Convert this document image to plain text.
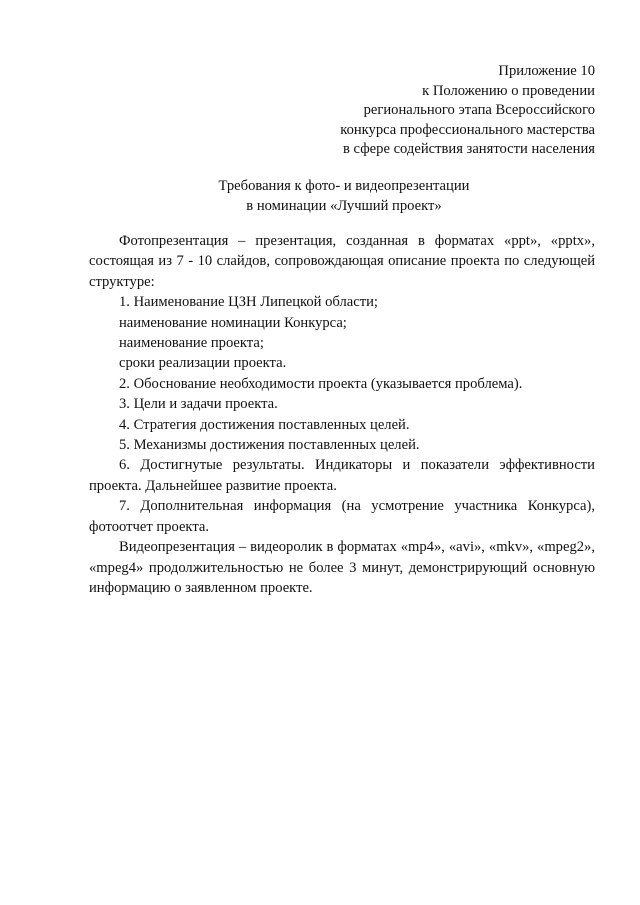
Приложение 10
к Положению о проведении
регионального этапа Всероссийского
конкурса профессионального мастерства
в сфере содействия занятости населения
Требования к фото- и видеопрезентации
в номинации «Лучший проект»

Фотопрезентация – презентация, созданная в форматах «ppt», «pptx», состоящая из 7 - 10 слайдов, сопровождающая описание проекта по следующей структуре:

1. Наименование ЦЗН Липецкой области;

наименование номинации Конкурса;

наименование проекта;

сроки реализации проекта.

2. Обоснование необходимости проекта (указывается проблема).

3. Цели и задачи проекта.

4. Стратегия достижения поставленных целей.

5. Механизмы достижения поставленных целей.

6. Достигнутые результаты. Индикаторы и показатели эффективности проекта. Дальнейшее развитие проекта.

7. Дополнительная информация (на усмотрение участника Конкурса), фотоотчет проекта.

Видеопрезентация – видеоролик в форматах «mp4», «avi», «mkv», «mpeg2», «mpeg4» продолжительностью не более 3 минут, демонстрирующий основную информацию о заявленном проекте.
